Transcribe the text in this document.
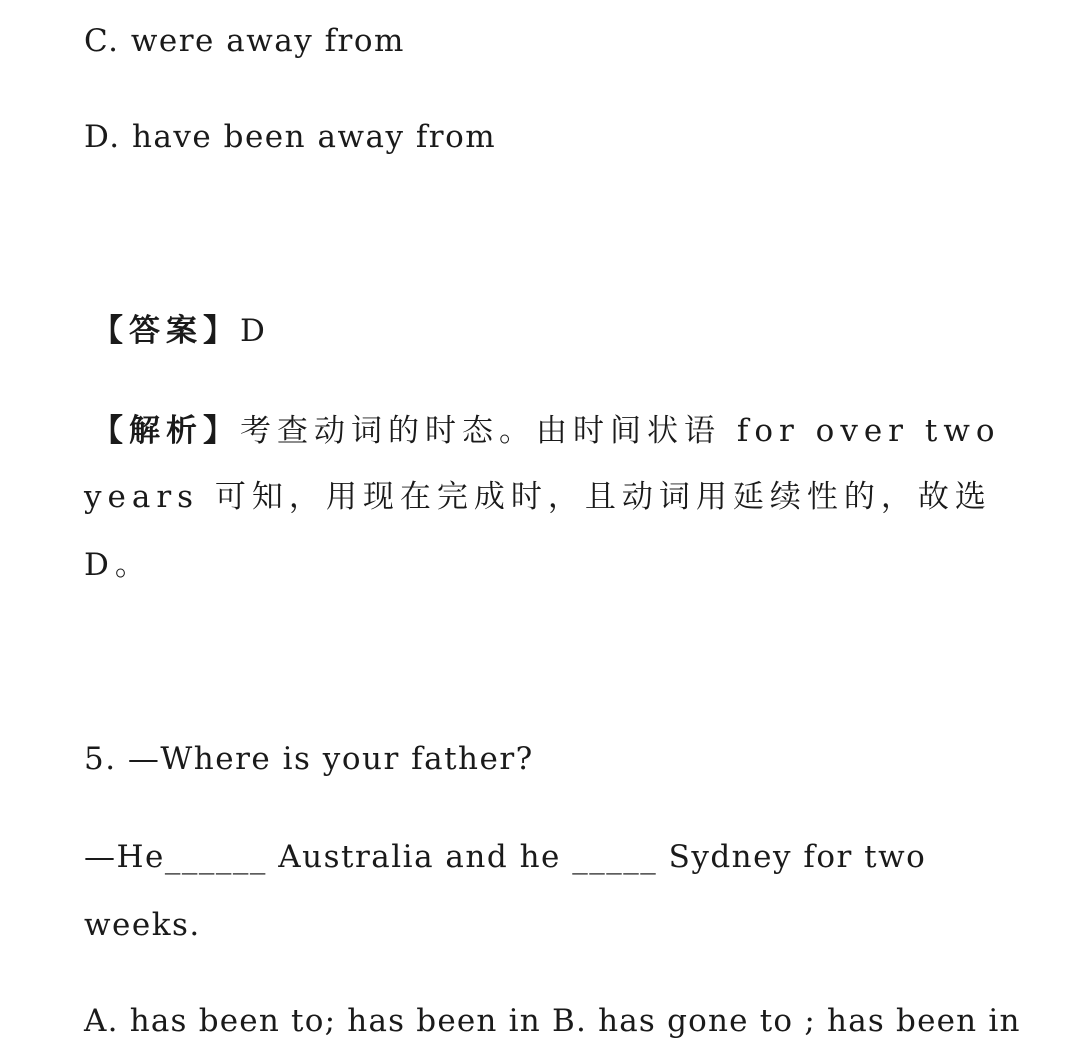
C. were away from
D. have been away from
【答案】D
【解析】考查动词的时态。由时间状语 for over two
years 可知，用现在完成时，且动词用延续性的，故选
D。
5. —Where is your father?
—He______ Australia and he _____ Sydney for two
weeks.
A. has been to; has been in B. has gone to ; has been in
